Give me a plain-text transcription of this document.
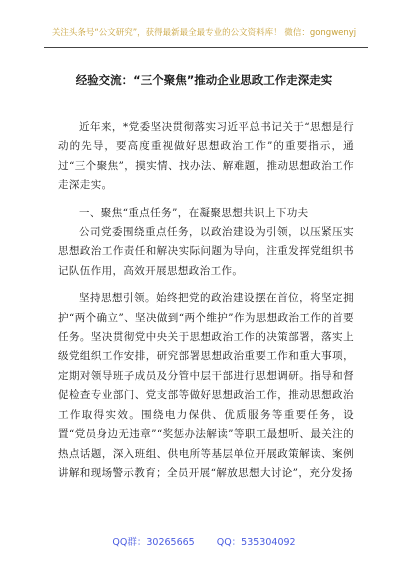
关注头条号“公文研究”，获得最新最全最专业的公文资料库！ 微信：gongwenyj
经验交流：“三个聚焦”推动企业思政工作走深走实

近年来，*党委坚决贯彻落实习近平总书记关于“思想是行动的先导，要高度重视做好思想政治工作”的重要指示，通过“三个聚焦”，摸实情、找办法、解难题，推动思想政治工作走深走实。

一、聚焦“重点任务”，在凝聚思想共识上下功夫

公司党委围绕重点任务，以政治建设为引领，以压紧压实思想政治工作责任和解决实际问题为导向，注重发挥党组织书记队伍作用，高效开展思想政治工作。

坚持思想引领。始终把党的政治建设摆在首位，将坚定拥护“两个确立”、坚决做到“两个维护”作为思想政治工作的首要任务。坚决贯彻党中央关于思想政治工作的决策部署，落实上级党组织工作安排，研究部署思想政治重要工作和重大事项，定期对领导班子成员及分管中层干部进行思想调研。指导和督促检查专业部门、党支部等做好思想政治工作，推动思想政治工作取得实效。围绕电力保供、优质服务等重要任务，设置“党员身边无违章”“奖惩办法解读”等职工最想听、最关注的热点话题，深入班组、供电所等基层单位开展政策解读、案例讲解和现场警示教育；全员开展“解放思想大讨论”，充分发扬

QQ群：30265665 QQ：535304092
